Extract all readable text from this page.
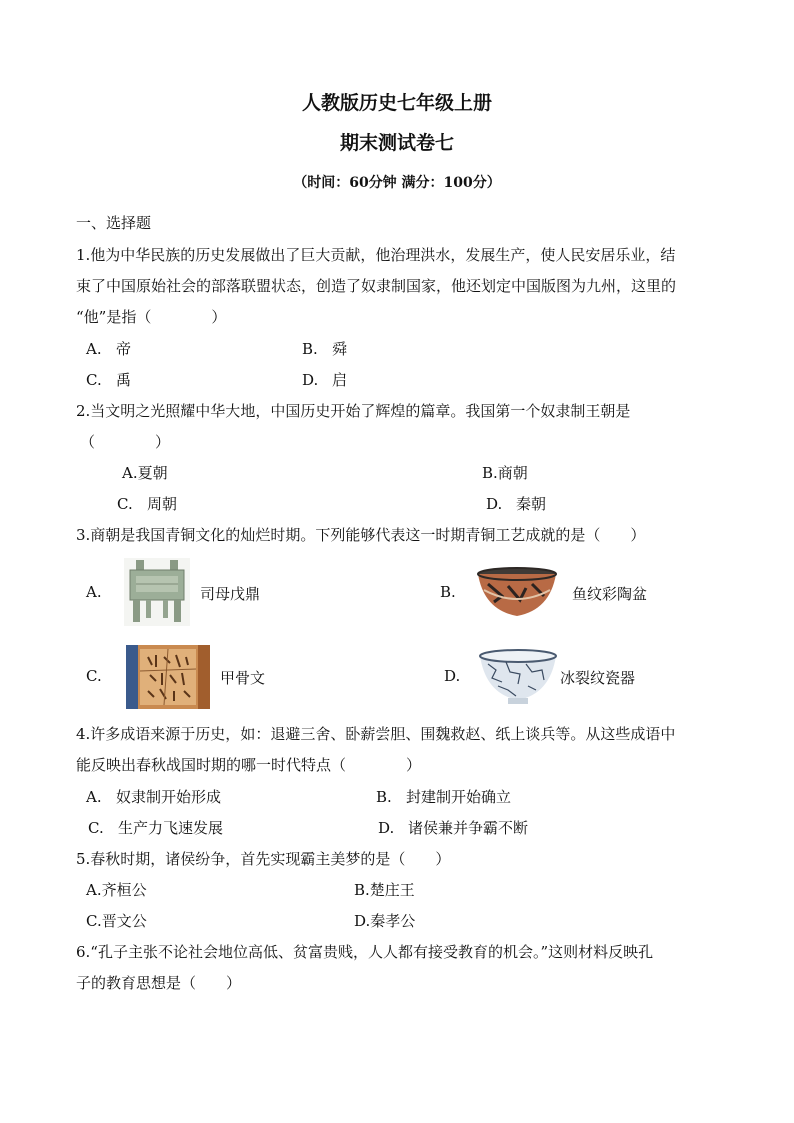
人教版历史七年级上册
期末测试卷七
（时间：60分钟 满分：100分）
一、选择题
1.他为中华民族的历史发展做出了巨大贡献，他治理洪水，发展生产，使人民安居乐业，结
束了中国原始社会的部落联盟状态，创造了奴隶制国家，他还划定中国版图为九州，这里的
“他”是指（　　　　）
A. 帝	B. 舜
C. 禹	D. 启
2.当文明之光照耀中华大地，中国历史开始了辉煌的篇章。我国第一个奴隶制王朝是
（　　　　）
A.夏朝	B.商朝
C. 周朝	D. 秦朝
3.商朝是我国青铜文化的灿烂时期。下列能够代表这一时期青铜工艺成就的是（　　）
A.	司母戊鼎	B.	鱼纹彩陶盆
C.	甲骨文	D.	冰裂纹瓷器
4.许多成语来源于历史，如：退避三舍、卧薪尝胆、围魏救赵、纸上谈兵等。从这些成语中
能反映出春秋战国时期的哪一时代特点（　　　　）
A. 奴隶制开始形成	B. 封建制开始确立
C. 生产力飞速发展	D. 诸侯兼并争霸不断
5.春秋时期，诸侯纷争，首先实现霸主美梦的是（　　）
A.齐桓公	B.楚庄王
C.晋文公	D.秦孝公
6.“孔子主张不论社会地位高低、贫富贵贱，人人都有接受教育的机会。”这则材料反映孔
子的教育思想是（　　）
